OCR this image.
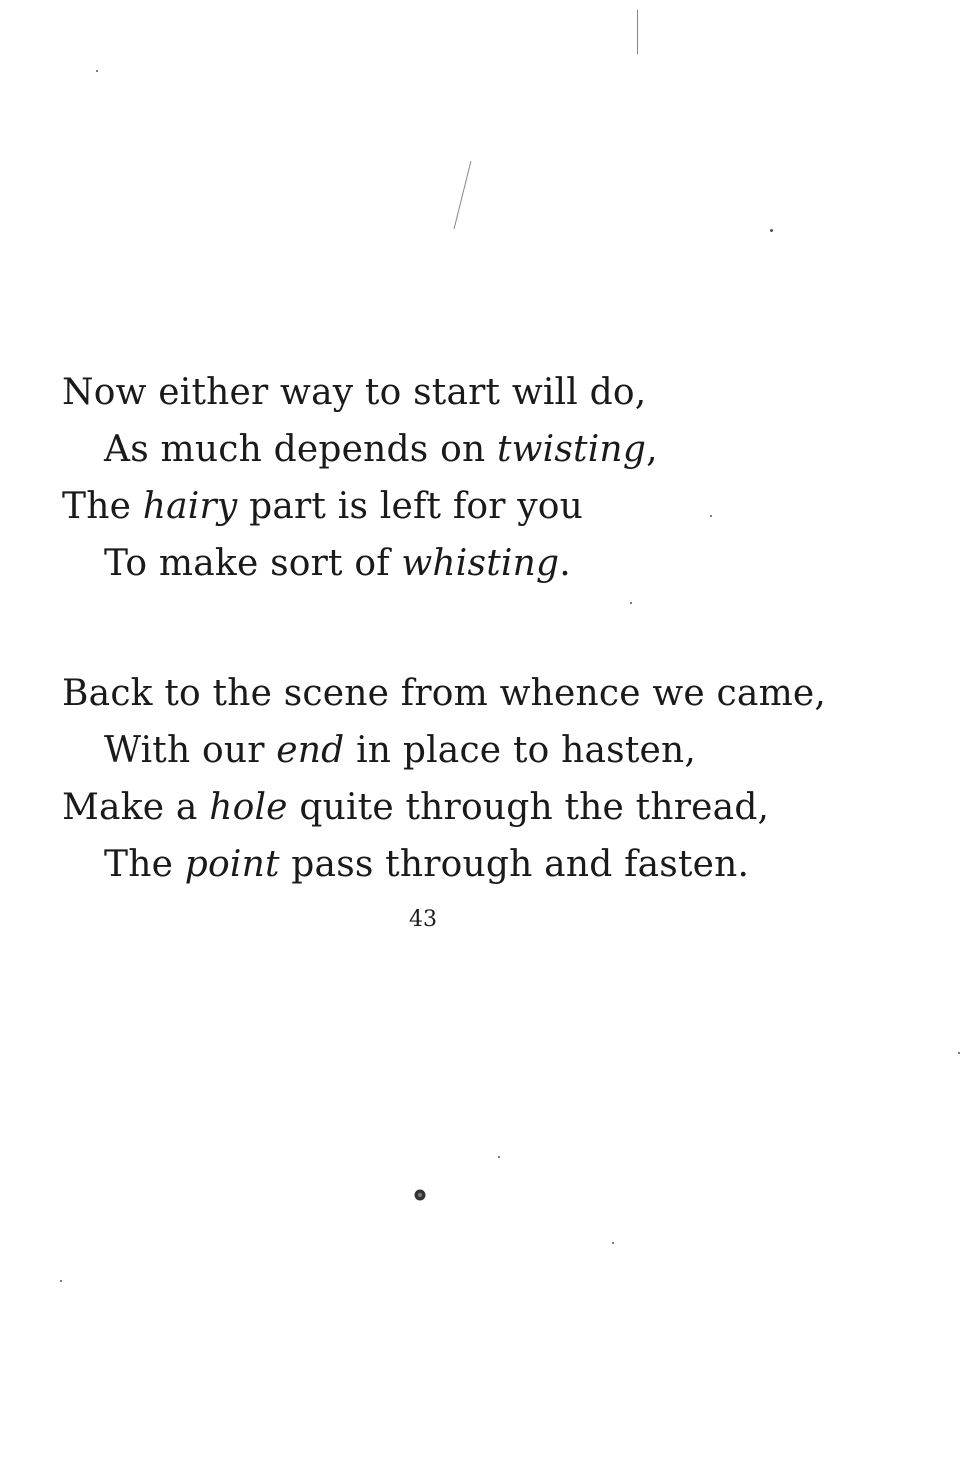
Now either way to start will do,
As much depends on twisting,
The hairy part is left for you
To make sort of whisting.
Back to the scene from whence we came,
With our end in place to hasten,
Make a hole quite through the thread,
The point pass through and fasten.
43
